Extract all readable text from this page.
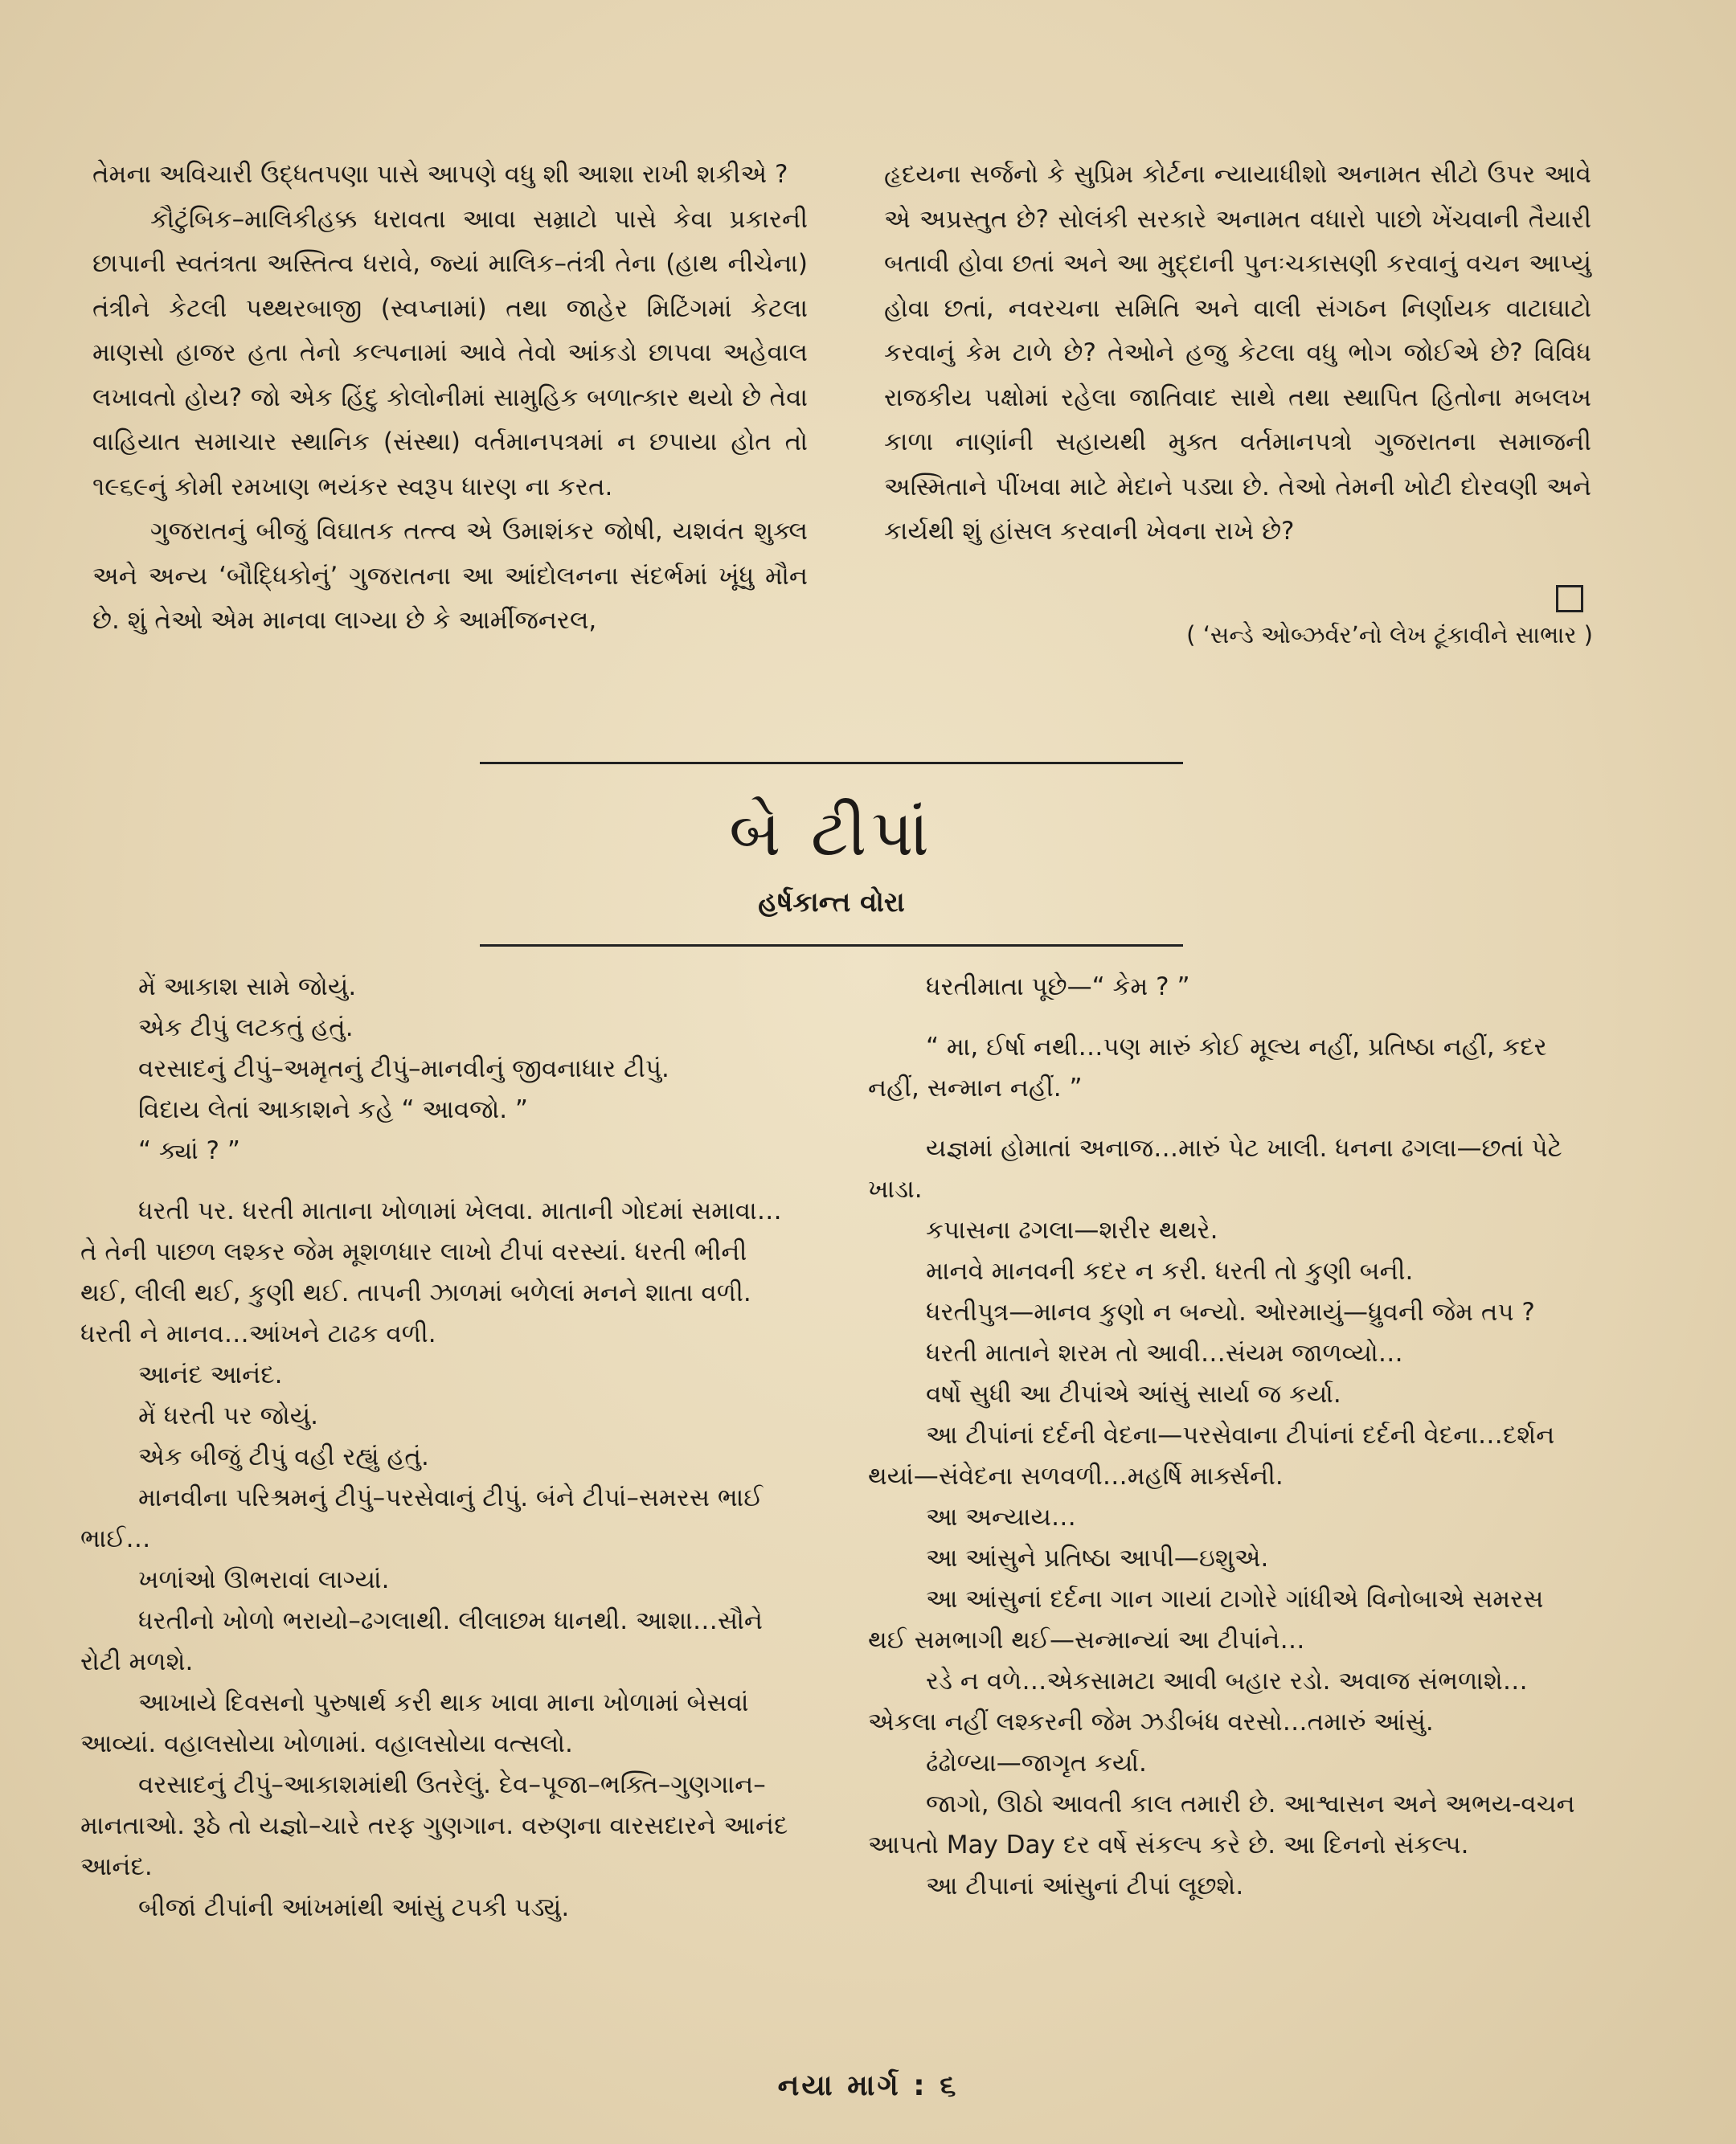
તેમના અવિચારી ઉદ્ધતપણા પાસે આપણે વધુ શી આશા રાખી શકીએ ?

કૌટુંબિક–માલિકીહક્ક ધરાવતા આવા સમ્રાટો પાસે કેવા પ્રકારની છાપાની સ્વતંત્રતા અસ્તિત્વ ધરાવે, જ્યાં માલિક–તંત્રી તેના (હાથ નીચેના) તંત્રીને કેટલી પથ્થરબાજી (સ્વપ્નામાં) તથા જાહેર મિટિંગમાં કેટલા માણસો હાજર હતા તેનો કલ્પનામાં આવે તેવો આંકડો છાપવા અહેવાલ લખાવતો હોય? જો એક હિંદુ કોલોનીમાં સામુહિક બળાત્કાર થયો છે તેવા વાહિયાત સમાચાર સ્થાનિક (સંસ્થા) વર્તમાનપત્રમાં ન છપાયા હોત તો ૧૯૬૯નું કોમી રમખાણ ભયંકર સ્વરૂપ ધારણ ના કરત.

ગુજરાતનું બીજું વિઘાતક તત્ત્વ એ ઉમાશંકર જોષી, યશવંત શુક્લ અને અન્ય ‘બૌદ્ધિકોનું’ ગુજરાતના આ આંદોલનના સંદર્ભમાં ખૂંધુ મૌન છે. શું તેઓ એમ માનવા લાગ્યા છે કે આર્મીજનરલ,

હૃદયના સર્જનો કે સુપ્રિમ કોર્ટના ન્યાયાધીશો અનામત સીટો ઉપર આવે એ અપ્રસ્તુત છે? સોલંકી સરકારે અનામત વધારો પાછો ખેંચવાની તૈયારી બતાવી હોવા છતાં અને આ મુદ્દાની પુનઃચકાસણી કરવાનું વચન આપ્યું હોવા છતાં, નવરચના સમિતિ અને વાલી સંગઠન નિર્ણાયક વાટાઘાટો કરવાનું કેમ ટાળે છે? તેઓને હજુ કેટલા વધુ ભોગ જોઈએ છે? વિવિધ રાજકીય પક્ષોમાં રહેલા જાતિવાદ સાથે તથા સ્થાપિત હિતોના મબલખ કાળા નાણાંની સહાયથી મુક્ત વર્તમાનપત્રો ગુજરાતના સમાજની અસ્મિતાને પીંખવા માટે મેદાને પડ્યા છે. તેઓ તેમની ખોટી દોરવણી અને કાર્યથી શું હાંસલ કરવાની ખેવના રાખે છે?

( ‘સન્ડે ઓબ્ઝર્વર’નો લેખ ટૂંકાવીને સાભાર )
બે ટીપાં
હર્ષકાન્ત વોરા

મેં આકાશ સામે જોયું.

એક ટીપું લટકતું હતું.

વરસાદનું ટીપું–અમૃતનું ટીપું–માનવીનું જીવનાધાર ટીપું.

વિદાય લેતાં આકાશને કહે “ આવજો. ”

“ ક્યાં ? ”

ધરતી પર. ધરતી માતાના ખોળામાં ખેલવા. માતાની ગોદમાં સમાવા…તે તેની પાછળ લશ્કર જેમ મૂશળધાર લાખો ટીપાં વરસ્યાં. ધરતી ભીની થઈ, લીલી થઈ, કુણી થઈ. તાપની ઝાળમાં બળેલાં મનને શાતા વળી. ધરતી ને માનવ…આંખને ટાઢક વળી.

આનંદ આનંદ.

મેં ધરતી પર જોયું.

એક બીજું ટીપું વહી રહ્યું હતું.

માનવીના પરિશ્રમનું ટીપું–પરસેવાનું ટીપું. બંને ટીપાં–સમરસ ભાઈ ભાઈ…

ખળાંઓ ઊભરાવાં લાગ્યાં.

ધરતીનો ખોળો ભરાયો–ઢગલાથી. લીલાછમ ધાનથી. આશા…સૌને રોટી મળશે.

આખાયે દિવસનો પુરુષાર્થ કરી થાક ખાવા માના ખોળામાં બેસવાં આવ્યાં. વહાલસોયા ખોળામાં. વહાલસોયા વત્સલો.

વરસાદનું ટીપું–આકાશમાંથી ઉતરેલું. દેવ–પૂજા–ભક્તિ–ગુણગાન–માનતાઓ. રૂઠે તો યજ્ઞો–ચારે તરફ ગુણગાન. વરુણના વારસદારને આનંદ આનંદ.

બીજાં ટીપાંની આંખમાંથી આંસું ટપકી પડ્યું.

ધરતીમાતા પૂછે—“ કેમ ? ”

“ મા, ઈર્ષા નથી…પણ મારું કોઈ મૂલ્ય નહીં, પ્રતિષ્ઠા નહીં, કદર નહીં, સન્માન નહીં. ”

યજ્ઞમાં હોમાતાં અનાજ…મારું પેટ ખાલી. ધનના ઢગલા—છતાં પેટે ખાડા.

કપાસના ઢગલા—શરીર થથરે.

માનવે માનવની કદર ન કરી. ધરતી તો કુણી બની.

ધરતીપુત્ર—માનવ કુણો ન બન્યો. ઓરમાયું—ધ્રુવની જેમ તપ ?

ધરતી માતાને શરમ તો આવી…સંયમ જાળવ્યો…

વર્ષો સુધી આ ટીપાંએ આંસું સાર્યા જ કર્યા.

આ ટીપાંનાં દર્દની વેદના—પરસેવાના ટીપાંનાં દર્દની વેદના…દર્શન થયાં—સંવેદના સળવળી…મહર્ષિ માર્ક્સની.

આ અન્યાય…

આ આંસુને પ્રતિષ્ઠા આપી—ઇશુએ.

આ આંસુનાં દર્દના ગાન ગાયાં ટાગોરે ગાંધીએ વિનોબાએ સમરસ થઈ સમભાગી થઈ—સન્માન્યાં આ ટીપાંને…

રડે ન વળે…એકસામટા આવી બહાર રડો. અવાજ સંભળાશે…એકલા નહીં લશ્કરની જેમ ઝડીબંધ વરસો…તમારું આંસું.

ઢંઢોળ્યા—જાગૃત કર્યા.

જાગો, ઊઠો આવતી કાલ તમારી છે. આશ્વાસન અને અભય-વચન આપતો May Day દર વર્ષે સંકલ્પ કરે છે. આ દિનનો સંકલ્પ.

આ ટીપાનાં આંસુનાં ટીપાં લૂછશે.

નયા માર્ગ : ૬
